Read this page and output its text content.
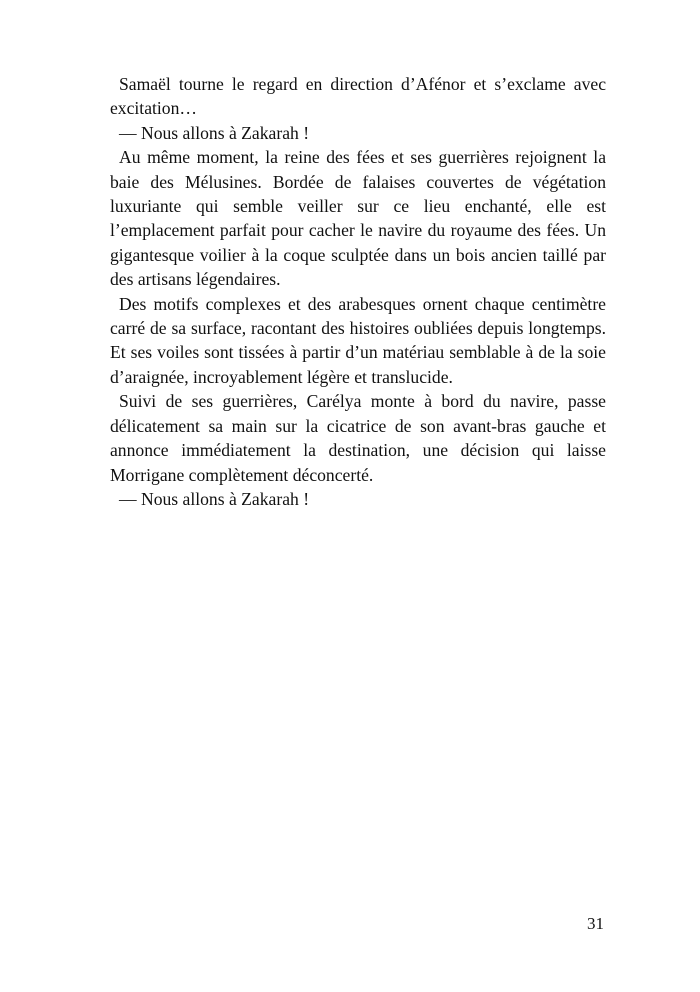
Samaël tourne le regard en direction d’Afénor et s’exclame avec excitation…

— Nous allons à Zakarah !

Au même moment, la reine des fées et ses guerrières rejoignent la baie des Mélusines. Bordée de falaises couvertes de végétation luxuriante qui semble veiller sur ce lieu enchanté, elle est l’emplacement parfait pour cacher le navire du royaume des fées. Un gigantesque voilier à la coque sculptée dans un bois ancien taillé par des artisans légendaires.

Des motifs complexes et des arabesques ornent chaque centimètre carré de sa surface, racontant des histoires oubliées depuis longtemps. Et ses voiles sont tissées à partir d’un matériau semblable à de la soie d’araignée, incroyablement légère et translucide.

Suivi de ses guerrières, Carélya monte à bord du navire, passe délicatement sa main sur la cicatrice de son avant-bras gauche et annonce immédiatement la destination, une décision qui laisse Morrigane complètement déconcerté.

— Nous allons à Zakarah !

31
